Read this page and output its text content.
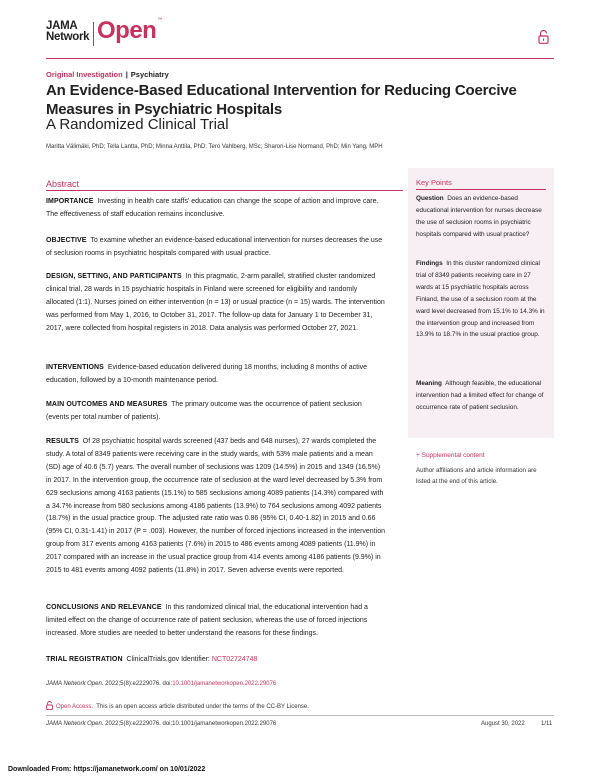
JAMA
Network Open™
Original Investigation | Psychiatry
An Evidence-Based Educational Intervention for Reducing Coercive Measures in Psychiatric Hospitals
A Randomized Clinical Trial
Maritta Välimäki, PhD; Tella Lantta, PhD; Minna Anttila, PhD; Tero Vahlberg, MSc; Sharon-Lise Normand, PhD; Min Yang, MPH
Abstract

IMPORTANCE Investing in health care staffs' education can change the scope of action and improve care. The effectiveness of staff education remains inconclusive.

OBJECTIVE To examine whether an evidence-based educational intervention for nurses decreases the use of seclusion rooms in psychiatric hospitals compared with usual practice.

DESIGN, SETTING, AND PARTICIPANTS In this pragmatic, 2-arm parallel, stratified cluster randomized clinical trial, 28 wards in 15 psychiatric hospitals in Finland were screened for eligibility and randomly allocated (1:1). Nurses joined on either intervention (n = 13) or usual practice (n = 15) wards. The intervention was performed from May 1, 2016, to October 31, 2017. The follow-up data for January 1 to December 31, 2017, were collected from hospital registers in 2018. Data analysis was performed October 27, 2021.

INTERVENTIONS Evidence-based education delivered during 18 months, including 8 months of active education, followed by a 10-month maintenance period.

MAIN OUTCOMES AND MEASURES The primary outcome was the occurrence of patient seclusion (events per total number of patients).

RESULTS Of 28 psychiatric hospital wards screened (437 beds and 648 nurses), 27 wards completed the study. A total of 8349 patients were receiving care in the study wards, with 53% male patients and a mean (SD) age of 40.6 (5.7) years. The overall number of seclusions was 1209 (14.5%) in 2015 and 1349 (16.5%) in 2017. In the intervention group, the occurrence rate of seclusion at the ward level decreased by 5.3% from 629 seclusions among 4163 patients (15.1%) to 585 seclusions among 4089 patients (14.3%) compared with a 34.7% increase from 580 seclusions among 4186 patients (13.9%) to 764 seclusions among 4092 patients (18.7%) in the usual practice group. The adjusted rate ratio was 0.86 (95% CI, 0.40-1.82) in 2015 and 0.66 (95% CI, 0.31-1.41) in 2017 (P = .003). However, the number of forced injections increased in the intervention group from 317 events among 4163 patients (7.6%) in 2015 to 486 events among 4089 patients (11.9%) in 2017 compared with an increase in the usual practice group from 414 events among 4186 patients (9.9%) in 2015 to 481 events among 4092 patients (11.8%) in 2017. Seven adverse events were reported.

CONCLUSIONS AND RELEVANCE In this randomized clinical trial, the educational intervention had a limited effect on the change of occurrence rate of patient seclusion, whereas the use of forced injections increased. More studies are needed to better understand the reasons for these findings.

TRIAL REGISTRATION ClinicalTrials.gov Identifier: NCT02724748

Key Points

Question Does an evidence-based educational intervention for nurses decrease the use of seclusion rooms in psychiatric hospitals compared with usual practice?

Findings In this cluster randomized clinical trial of 8349 patients receiving care in 27 wards at 15 psychiatric hospitals across Finland, the use of a seclusion room at the ward level decreased from 15.1% to 14.3% in the intervention group and increased from 13.9% to 18.7% in the usual practice group.

Meaning Although feasible, the educational intervention had a limited effect for change of occurrence rate of patient seclusion.

+ Supplemental content

Author affiliations and article information are listed at the end of this article.

JAMA Network Open. 2022;5(8):e2229076. doi:10.1001/jamanetworkopen.2022.29076
Open Access. This is an open access article distributed under the terms of the CC-BY License.
JAMA Network Open. 2022;5(8):e2229076. doi:10.1001/jamanetworkopen.2022.29076	August 30, 2022	1/11
Downloaded From: https://jamanetwork.com/ on 10/01/2022
